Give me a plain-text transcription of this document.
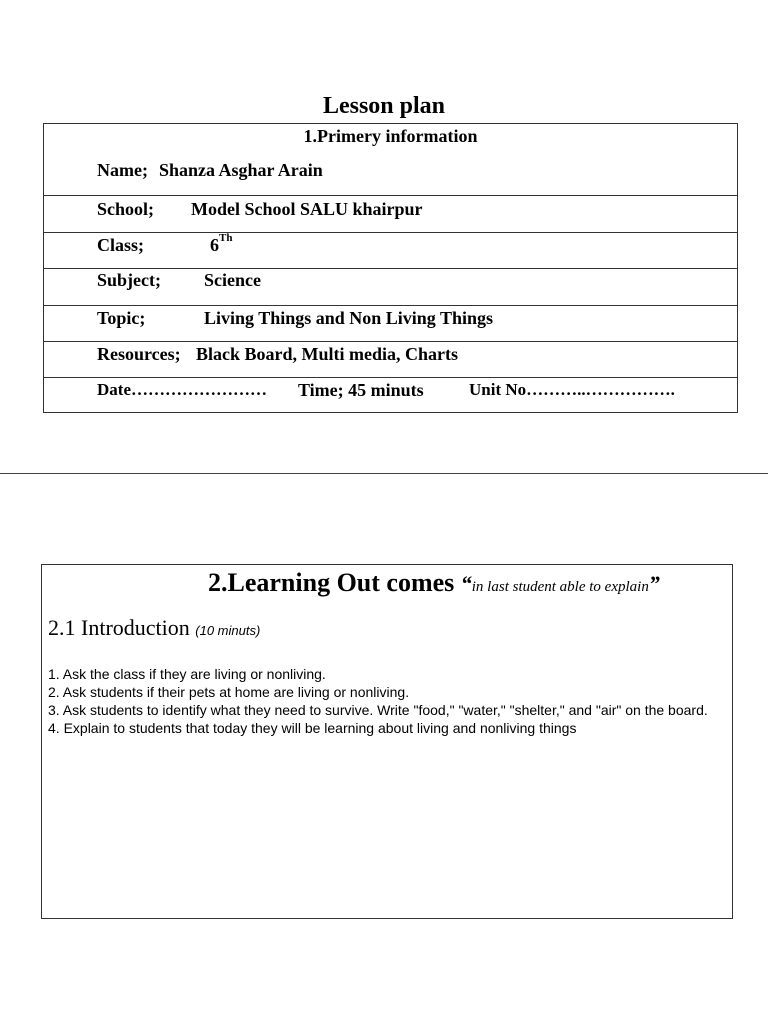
Lesson plan
1.Primery information
Name; Shanza Asghar Arain
School; Model School SALU khairpur
Class;	6Th
Subject; Science
Topic;	Living Things and Non Living Things
Resources; Black Board, Multi media, Charts
Date…………………… Time; 45 minuts	Unit No………..…………….
2.Learning Out comes “in last student able to explain”
2.1 Introduction (10 minuts)
1. Ask the class if they are living or nonliving.
2. Ask students if their pets at home are living or nonliving.
3. Ask students to identify what they need to survive. Write "food," "water," "shelter," and "air" on the board.
4. Explain to students that today they will be learning about living and nonliving things
